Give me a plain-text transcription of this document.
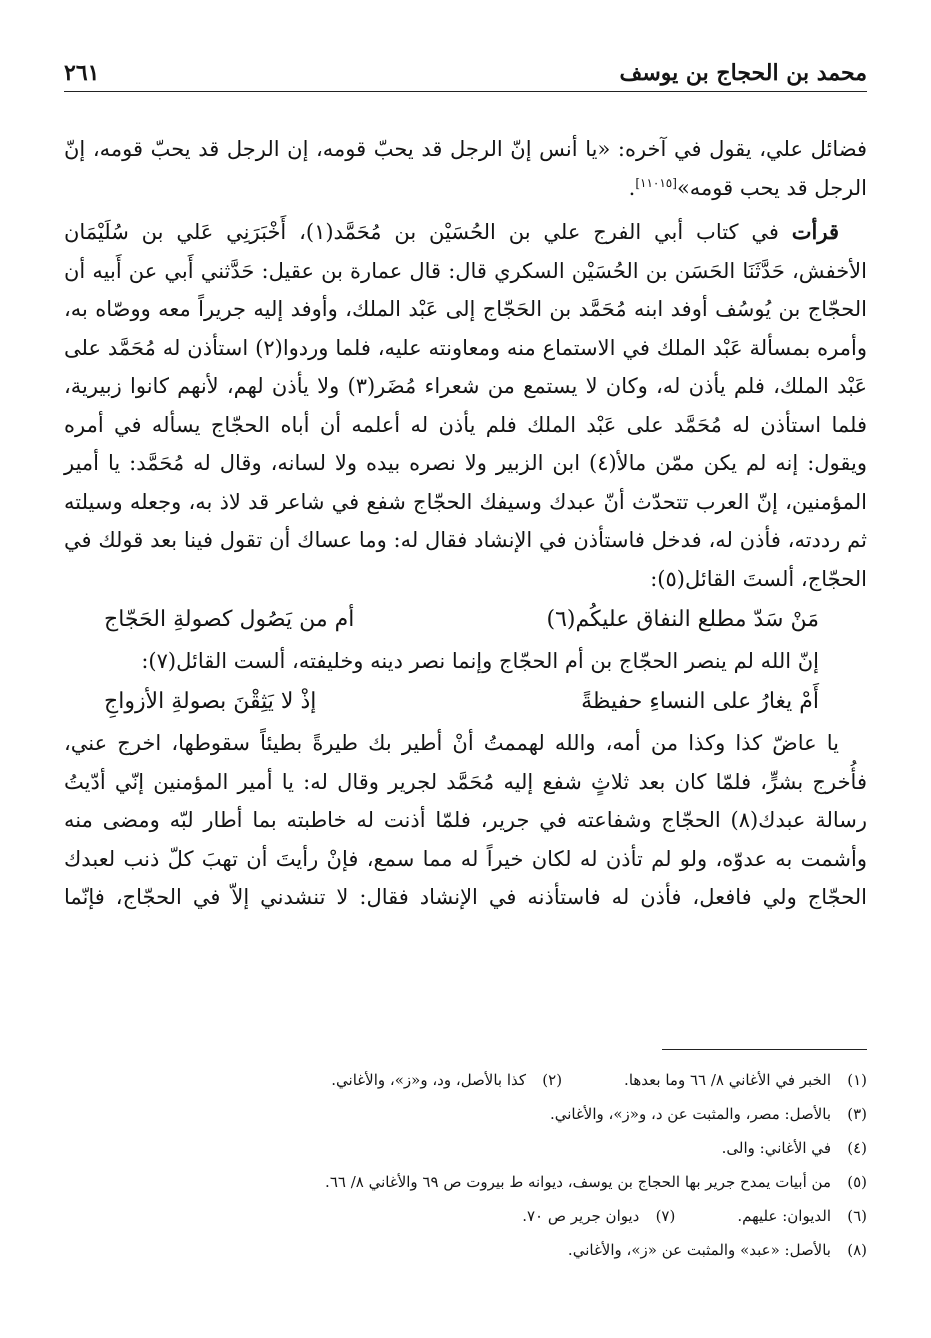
٢٦١	محمد بن الحجاج بن يوسف

فضائل علي، يقول في آخره: «يا أنس إنّ الرجل قد يحبّ قومه، إن الرجل قد يحبّ قومه، إنّ الرجل قد يحب قومه»[١١٠١٥].

قرأت في كتاب أبي الفرج علي بن الحُسَيْن بن مُحَمَّد(١)، أَخْبَرَنِي عَلي بن سُلَيْمَان الأخفش، حَدَّثَنَا الحَسَن بن الحُسَيْن السكري قال: قال عمارة بن عقيل: حَدَّثني أَبي عن أَبيه أن الحجّاج بن يُوسُف أوفد ابنه مُحَمَّد بن الحَجّاج إلى عَبْد الملك، وأوفد إليه جريراً معه ووصّاه به، وأمره بمسألة عَبْد الملك في الاستماع منه ومعاونته عليه، فلما وردوا(٢) استأذن له مُحَمَّد على عَبْد الملك، فلم يأذن له، وكان لا يستمع من شعراء مُضَر(٣) ولا يأذن لهم، لأنهم كانوا زبيرية، فلما استأذن له مُحَمَّد على عَبْد الملك فلم يأذن له أعلمه أن أباه الحجّاج يسأله في أمره ويقول: إنه لم يكن ممّن مالأ(٤) ابن الزبير ولا نصره بيده ولا لسانه، وقال له مُحَمَّد: يا أمير المؤمنين، إنّ العرب تتحدّث أنّ عبدك وسيفك الحجّاج شفع في شاعر قد لاذ به، وجعله وسيلته ثم رددته، فأذن له، فدخل فاستأذن في الإنشاد فقال له: وما عساك أن تقول فينا بعد قولك في الحجّاج، ألستَ القائل(٥):

مَنْ سَدّ مطلع النفاق عليكُم(٦)
أم من يَصُول كصولةِ الحَجّاج
إنّ الله لم ينصر الحجّاج بن أم الحجّاج وإنما نصر دينه وخليفته، ألست القائل(٧):
أَمْ يغارُ على النساءِ حفيظةً
إذْ لا يَثِقْنَ بصولةِ الأزواجِ

يا عاضّ كذا وكذا من أمه، والله لهممتُ أنْ أطير بك طيرةً بطيئاً سقوطها، اخرج عني، فأُخرج بشرٍّ، فلمّا كان بعد ثلاثٍ شفع إليه مُحَمَّد لجرير وقال له: يا أمير المؤمنين إنّي أدّيتُ رسالة عبدك(٨) الحجّاج وشفاعته في جرير، فلمّا أذنت له خاطبته بما أطار لبّه ومضى منه وأشمت به عدوّه، ولو لم تأذن له لكان خيراً له مما سمع، فإنْ رأيتَ أن تهبَ كلّ ذنب لعبدك الحجّاج ولي فافعل، فأذن له فاستأذنه في الإنشاد فقال: لا تنشدني إلاّ في الحجّاج، فإنّما

(١)
الخبر في الأغاني ٨/ ٦٦ وما بعدها.
(٢)
كذا بالأصل، ود، و«ز»، والأغاني.
(٣)
بالأصل: مصر، والمثبت عن د، و«ز»، والأغاني.
(٤)
في الأغاني: والى.
(٥)
من أبيات يمدح جرير بها الحجاج بن يوسف، ديوانه ط بيروت ص ٦٩ والأغاني ٨/ ٦٦.
(٦)
الديوان: عليهم.
(٧)
ديوان جرير ص ٧٠.
(٨)
بالأصل: «عبد» والمثبت عن «ز»، والأغاني.
